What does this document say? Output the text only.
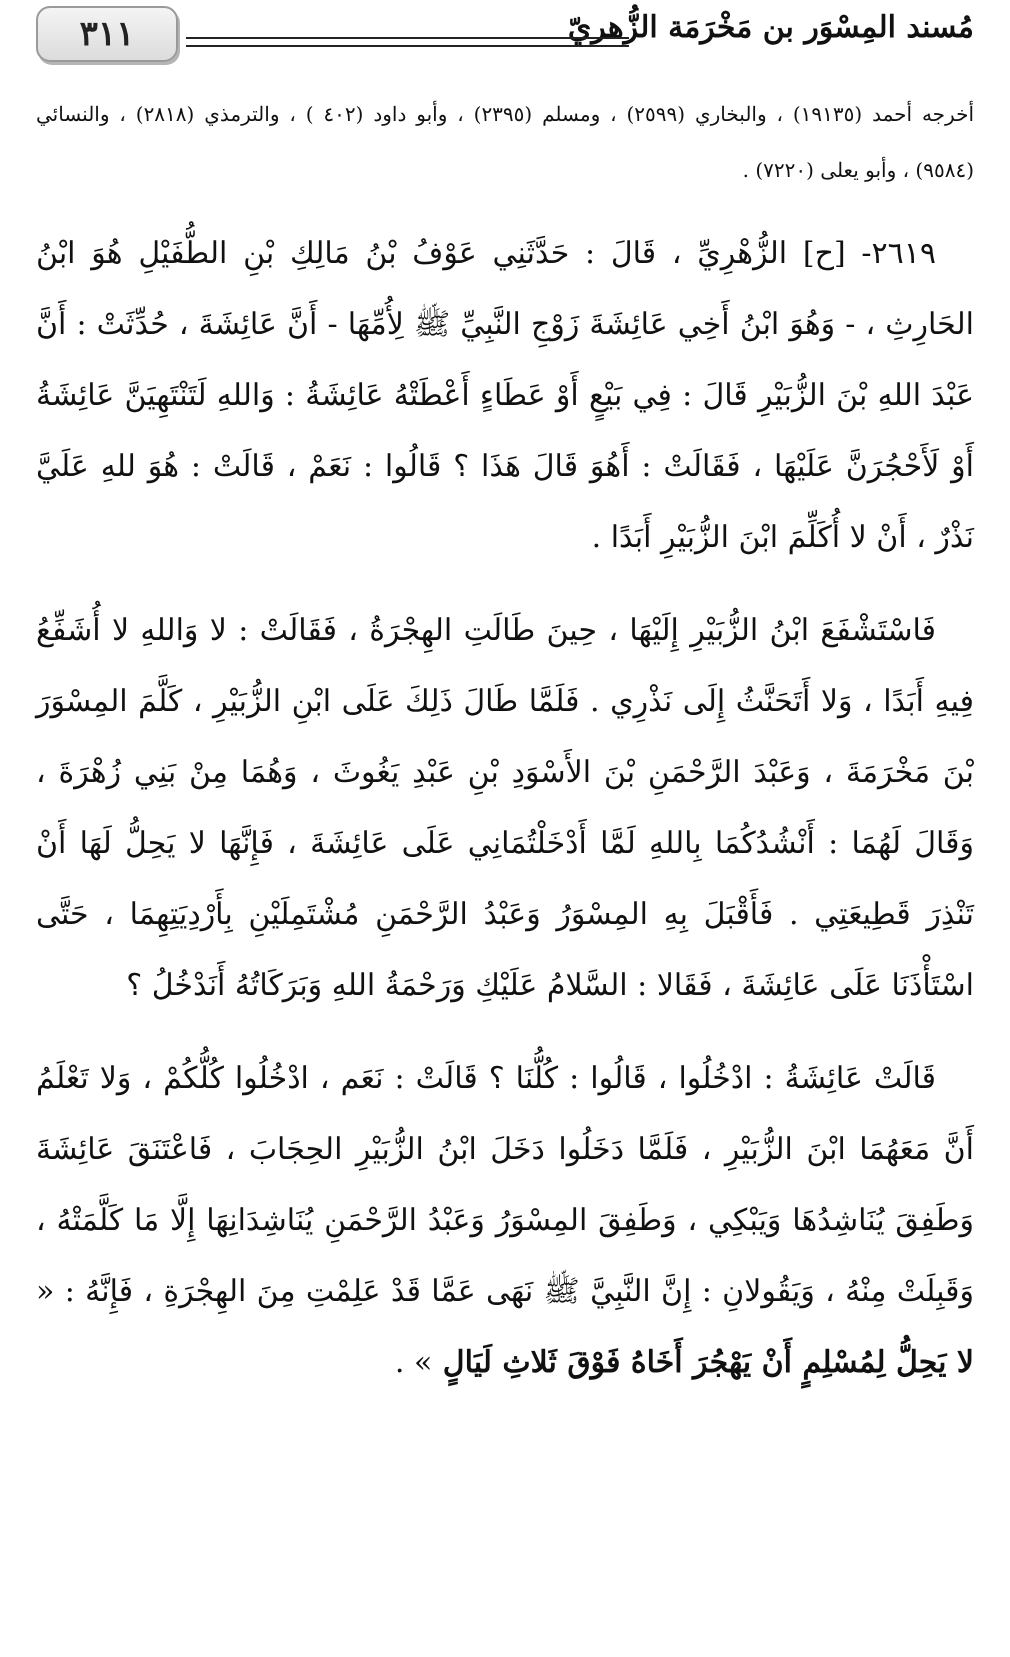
مُسند المِسْوَر بن مَخْرَمَة الزُّهريّ
٣١١
أخرجه أحمد (١٩١٣٥) ، والبخاري (٢٥٩٩) ، ومسلم (٢٣٩٥) ، وأبو داود (٤٠٢ ) ، والترمذي (٢٨١٨) ، والنسائي (٩٥٨٤) ، وأبو يعلى (٧٢٢٠) .

٢٦١٩- [ح] الزُّهْرِيِّ ، قَالَ : حَدَّثَنِي عَوْفُ بْنُ مَالِكِ بْنِ الطُّفَيْلِ هُوَ ابْنُ الحَارِثِ ، - وَهُوَ ابْنُ أَخِي عَائِشَةَ زَوْجِ النَّبِيِّ ﷺ لِأُمِّهَا - أَنَّ عَائِشَةَ ، حُدِّثَتْ : أَنَّ عَبْدَ اللهِ بْنَ الزُّبَيْرِ قَالَ : فِي بَيْعٍ أَوْ عَطَاءٍ أَعْطَتْهُ عَائِشَةُ : وَاللهِ لَتَنْتَهِيَنَّ عَائِشَةُ أَوْ لَأَحْجُرَنَّ عَلَيْهَا ، فَقَالَتْ : أَهُوَ قَالَ هَذَا ؟ قَالُوا : نَعَمْ ، قَالَتْ : هُوَ للهِ عَلَيَّ نَذْرٌ ، أَنْ لا أُكَلِّمَ ابْنَ الزُّبَيْرِ أَبَدًا .

فَاسْتَشْفَعَ ابْنُ الزُّبَيْرِ إِلَيْهَا ، حِينَ طَالَتِ الهِجْرَةُ ، فَقَالَتْ : لا وَاللهِ لا أُشَفِّعُ فِيهِ أَبَدًا ، وَلا أَتَحَنَّثُ إِلَى نَذْرِي . فَلَمَّا طَالَ ذَلِكَ عَلَى ابْنِ الزُّبَيْرِ ، كَلَّمَ المِسْوَرَ بْنَ مَخْرَمَةَ ، وَعَبْدَ الرَّحْمَنِ بْنَ الأَسْوَدِ بْنِ عَبْدِ يَغُوثَ ، وَهُمَا مِنْ بَنِي زُهْرَةَ ، وَقَالَ لَهُمَا : أَنْشُدُكُمَا بِاللهِ لَمَّا أَدْخَلْتُمَانِي عَلَى عَائِشَةَ ، فَإِنَّهَا لا يَحِلُّ لَهَا أَنْ تَنْذِرَ قَطِيعَتِي . فَأَقْبَلَ بِهِ المِسْوَرُ وَعَبْدُ الرَّحْمَنِ مُشْتَمِلَيْنِ بِأَرْدِيَتِهِمَا ، حَتَّى اسْتَأْذَنَا عَلَى عَائِشَةَ ، فَقَالا : السَّلامُ عَلَيْكِ وَرَحْمَةُ اللهِ وَبَرَكَاتُهُ أَنَدْخُلُ ؟

قَالَتْ عَائِشَةُ : ادْخُلُوا ، قَالُوا : كُلُّنَا ؟ قَالَتْ : نَعَم ، ادْخُلُوا كُلُّكُمْ ، وَلا تَعْلَمُ أَنَّ مَعَهُمَا ابْنَ الزُّبَيْرِ ، فَلَمَّا دَخَلُوا دَخَلَ ابْنُ الزُّبَيْرِ الحِجَابَ ، فَاعْتَنَقَ عَائِشَةَ وَطَفِقَ يُنَاشِدُهَا وَيَبْكِي ، وَطَفِقَ المِسْوَرُ وَعَبْدُ الرَّحْمَنِ يُنَاشِدَانِهَا إِلَّا مَا كَلَّمَتْهُ ، وَقَبِلَتْ مِنْهُ ، وَيَقُولانِ : إِنَّ النَّبِيَّ ﷺ نَهَى عَمَّا قَدْ عَلِمْتِ مِنَ الهِجْرَةِ ، فَإِنَّهُ : « لا يَحِلُّ لِمُسْلِمٍ أَنْ يَهْجُرَ أَخَاهُ فَوْقَ ثَلاثِ لَيَالٍ » .
